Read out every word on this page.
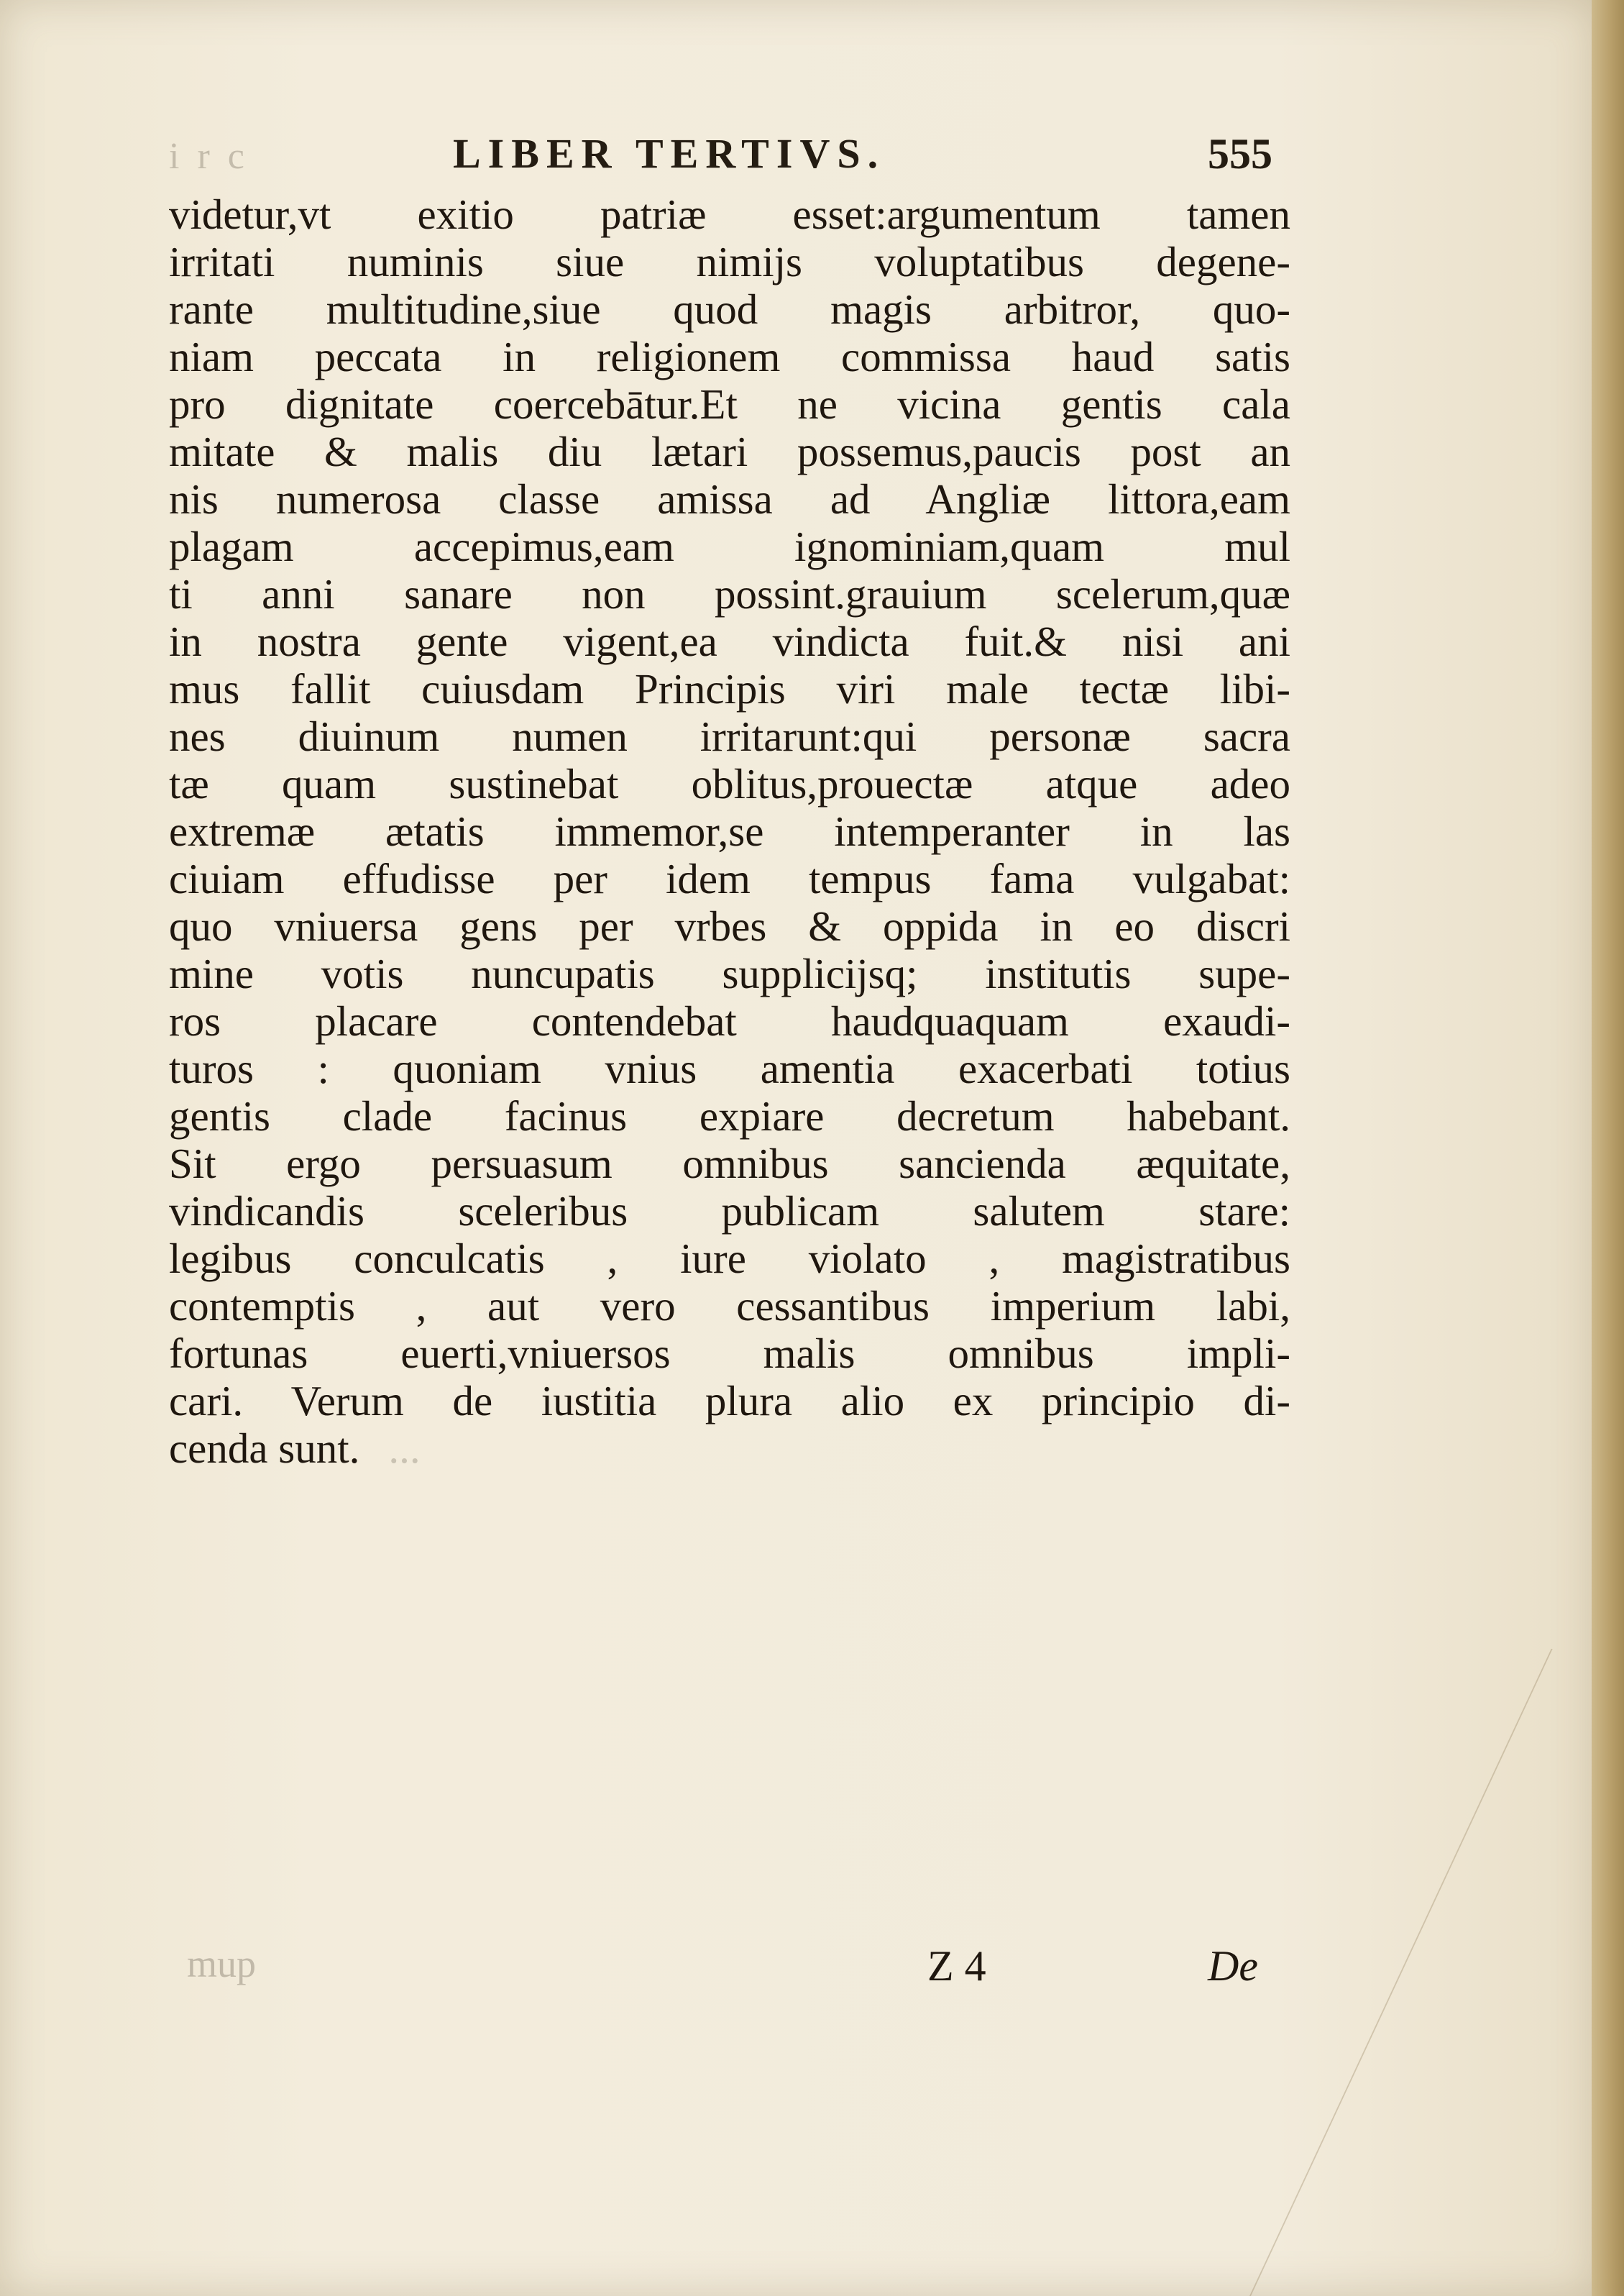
i r c	LIBER TERTIVS.	555
videtur,vt exitio patriæ esset:argumentum tamen
irritati numinis siue nimijs voluptatibus degene-
rante multitudine,siue quod magis arbitror, quo-
niam peccata in religionem commissa haud satis
pro dignitate coercebātur.Et ne vicina gentis cala
mitate & malis diu lætari possemus,paucis post an
nis numerosa classe amissa ad Angliæ littora,eam
plagam accepimus,eam ignominiam,quam mul
ti anni sanare non possint.grauium scelerum,quæ
in nostra gente vigent,ea vindicta fuit.& nisi ani
mus fallit cuiusdam Principis viri male tectæ libi-
nes diuinum numen irritarunt:qui personæ sacra
tæ quam sustinebat oblitus,prouectæ atque adeo
extremæ ætatis immemor,se intemperanter in las
ciuiam effudisse per idem tempus fama vulgabat:
quo vniuersa gens per vrbes & oppida in eo discri
mine votis nuncupatis supplicijsq; institutis supe-
ros placare contendebat haudquaquam exaudi-
turos : quoniam vnius amentia exacerbati totius
gentis clade facinus expiare decretum habebant.
Sit ergo persuasum omnibus sancienda æquitate,
vindicandis sceleribus publicam salutem stare:
legibus conculcatis , iure violato , magistratibus
contemptis , aut vero cessantibus imperium labi,
fortunas euerti,vniuersos malis omnibus impli-
cari. Verum de iustitia plura alio ex principio di-
cenda sunt. ...
mup	Z 4	De
